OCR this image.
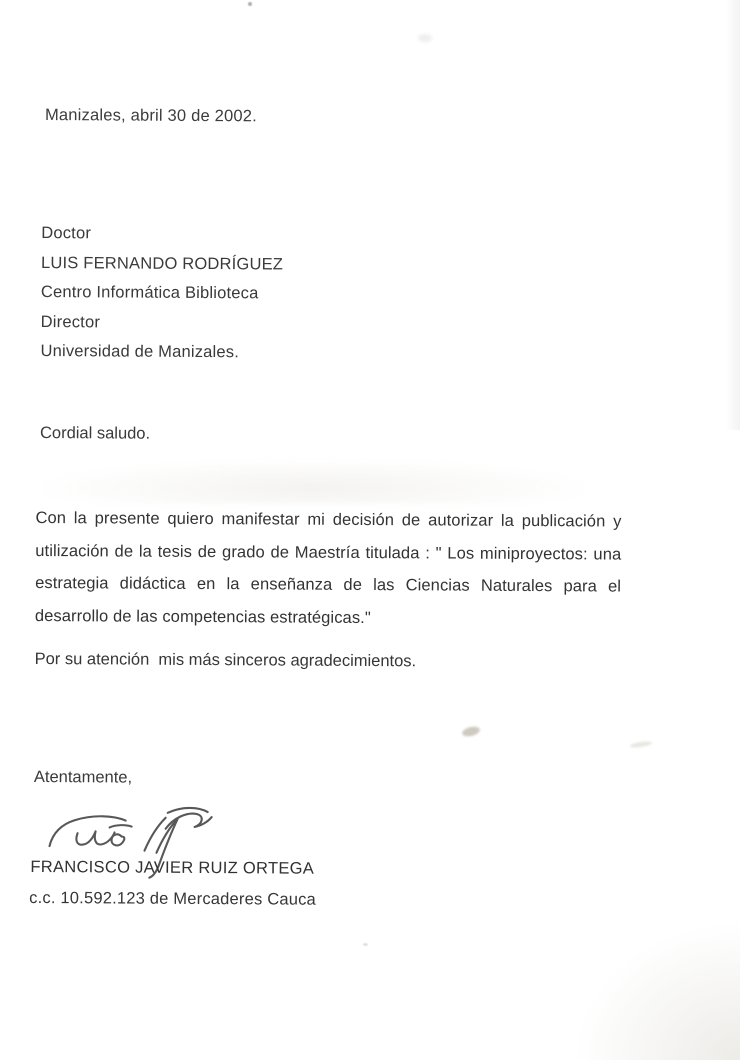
Manizales, abril 30 de 2002.

Doctor

LUIS FERNANDO RODRÍGUEZ

Centro Informática Biblioteca

Director

Universidad de Manizales.

Cordial saludo.

Con la presente quiero manifestar mi decisión de autorizar la publicación y
utilización de la tesis de grado de Maestría titulada : " Los miniproyectos: una
estrategia didáctica en la enseñanza de las Ciencias Naturales para el
desarrollo de las competencias estratégicas."

Por su atención  mis más sinceros agradecimientos.

Atentamente,

FRANCISCO JAVIER RUIZ ORTEGA

c.c. 10.592.123 de Mercaderes Cauca
